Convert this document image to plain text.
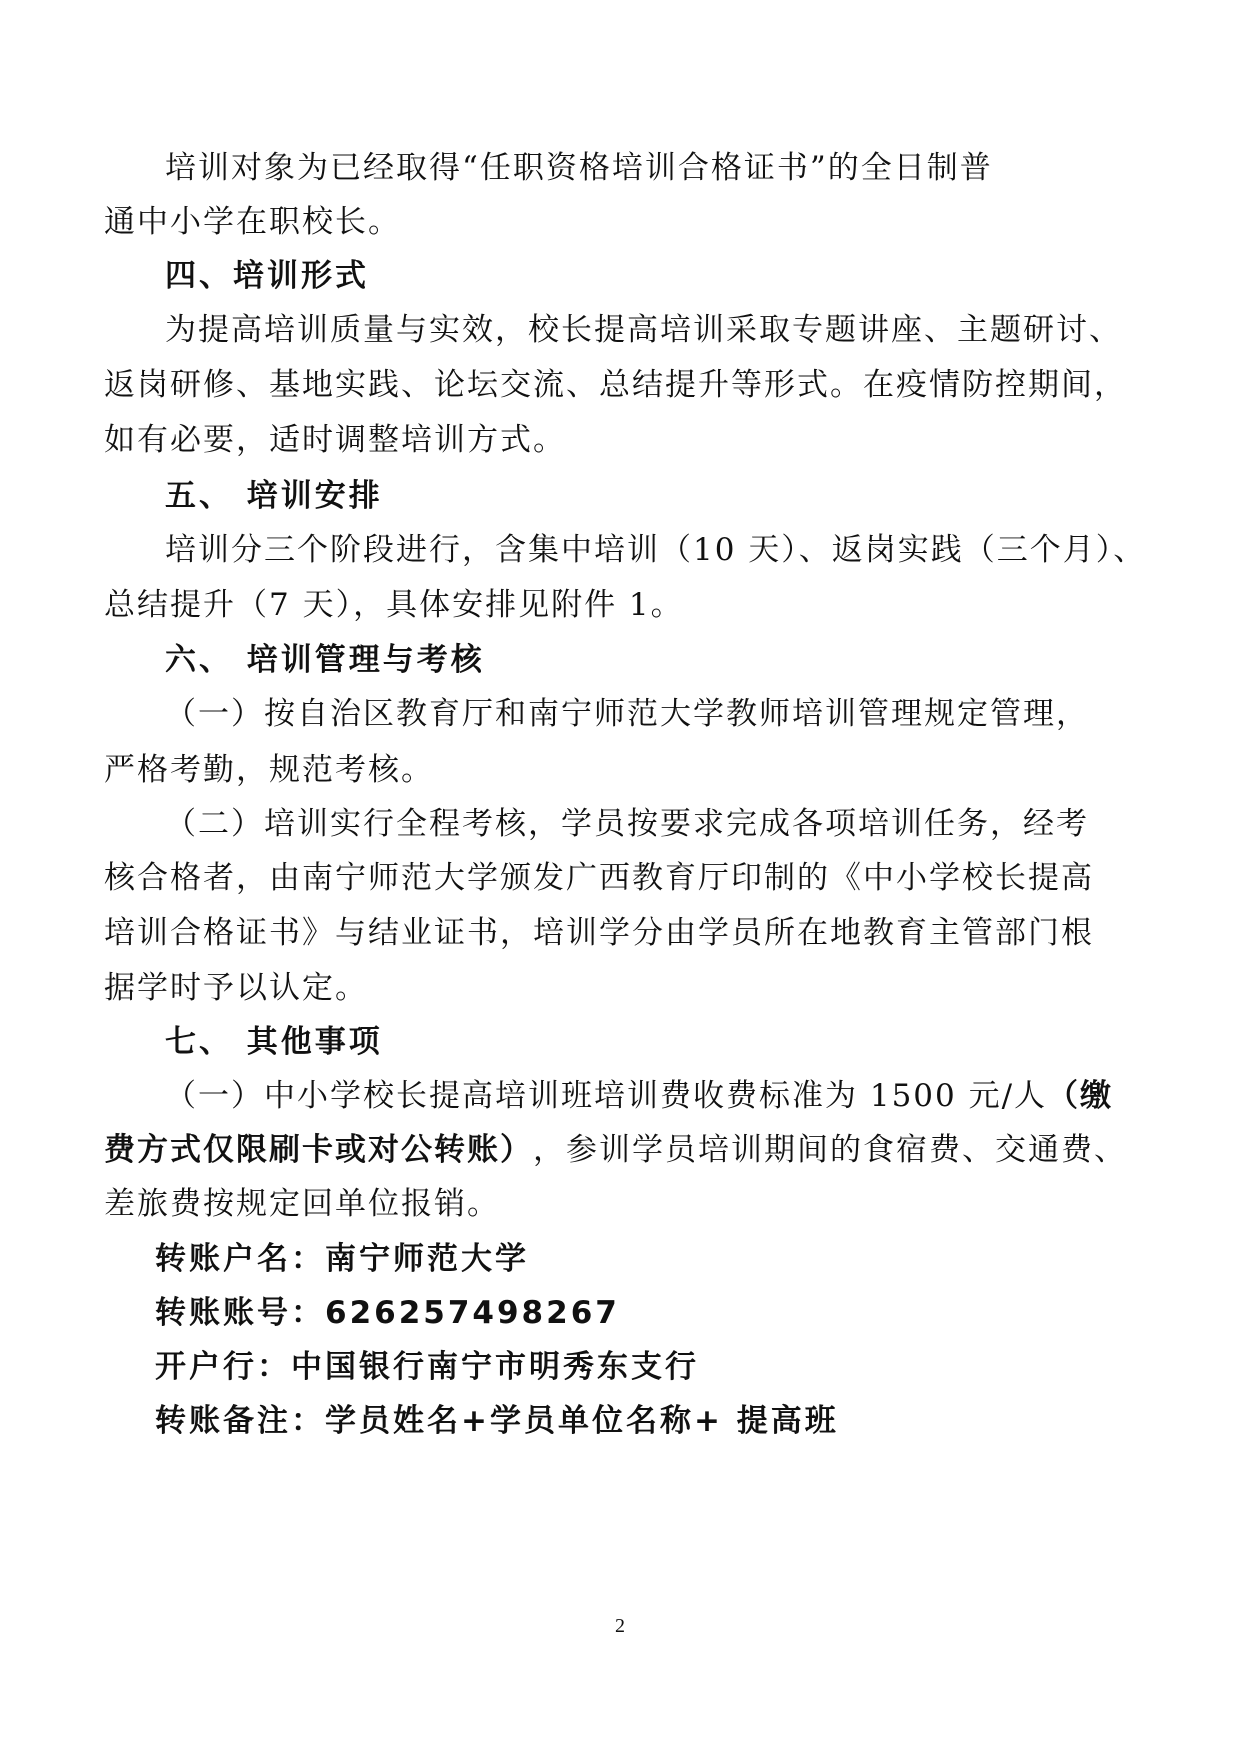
培训对象为已经取得“任职资格培训合格证书”的全日制普
通中小学在职校长。
四、培训形式
为提高培训质量与实效，校长提高培训采取专题讲座、主题研讨、
返岗研修、基地实践、论坛交流、总结提升等形式。在疫情防控期间，
如有必要，适时调整培训方式。
五、 培训安排
培训分三个阶段进行，含集中培训（10 天）、返岗实践（三个月）、
总结提升（7 天），具体安排见附件 1。
六、 培训管理与考核
（一）按自治区教育厅和南宁师范大学教师培训管理规定管理，
严格考勤，规范考核。
（二）培训实行全程考核，学员按要求完成各项培训任务，经考
核合格者，由南宁师范大学颁发广西教育厅印制的《中小学校长提高
培训合格证书》与结业证书，培训学分由学员所在地教育主管部门根
据学时予以认定。
七、 其他事项
（一）中小学校长提高培训班培训费收费标准为 1500 元/人 （缴
费方式仅限刷卡或对公转账） ，参训学员培训期间的食宿费、交通费、
差旅费按规定回单位报销。
转账户名：南宁师范大学
转账账号：626257498267
开户行：中国银行南宁市明秀东支行
转账备注：学员姓名+学员单位名称+ 提高班
2
